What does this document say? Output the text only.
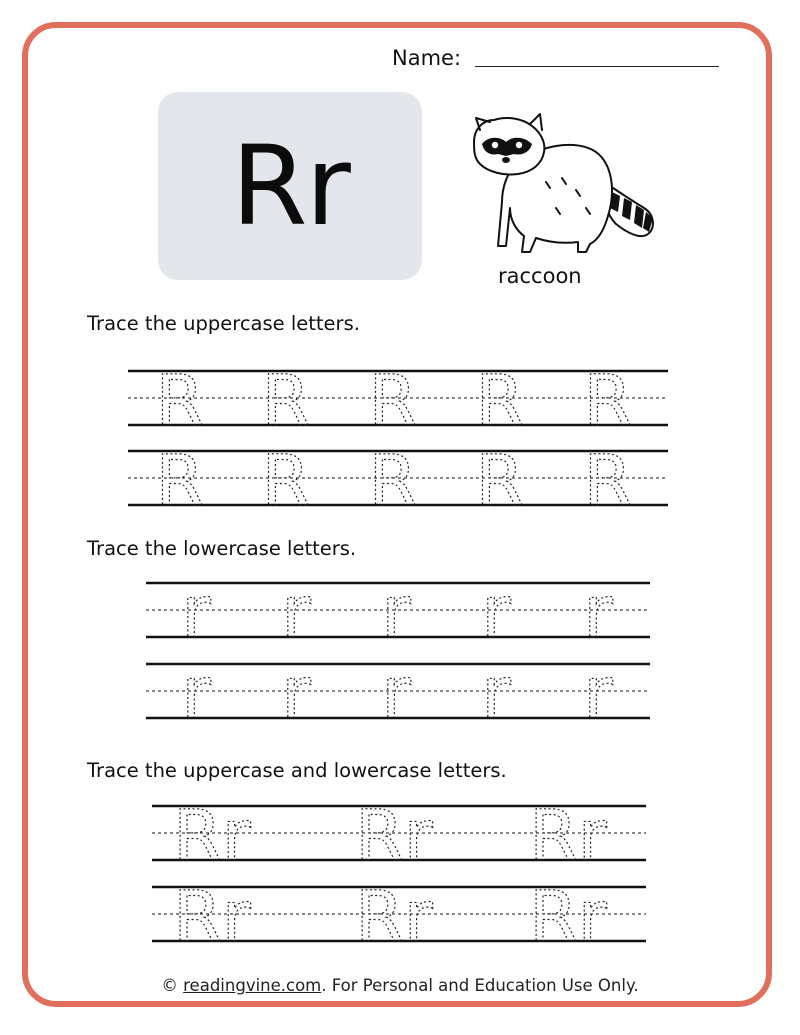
Name:
Rr
raccoon
Trace the uppercase letters.
Trace the lowercase letters.
Trace the uppercase and lowercase letters.
R R R R R
R R R R R
r r r r r
r r r r r
Rr Rr Rr
Rr Rr Rr
© readingvine.com. For Personal and Education Use Only.
